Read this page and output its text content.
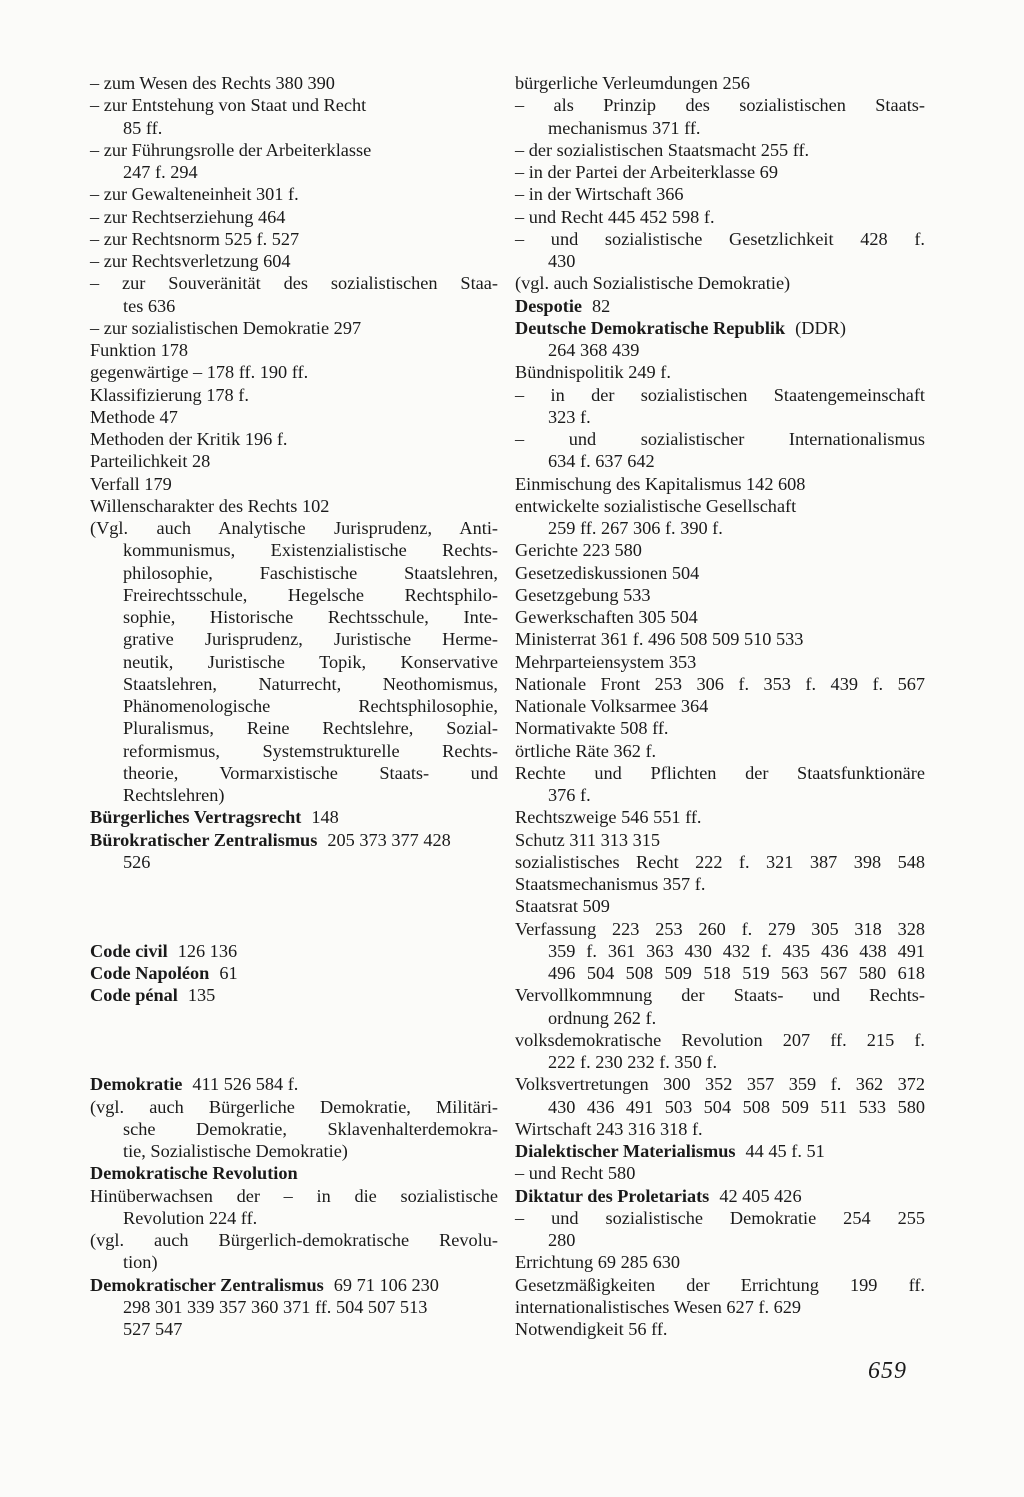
– zum Wesen des Rechts 380 390
– zur Entstehung von Staat und Recht
85 ff.
– zur Führungsrolle der Arbeiterklasse
247 f. 294
– zur Gewalteneinheit 301 f.
– zur Rechtserziehung 464
– zur Rechtsnorm 525 f. 527
– zur Rechtsverletzung 604
– zur Souveränität des sozialistischen Staa-
tes 636
– zur sozialistischen Demokratie 297
Funktion 178
gegenwärtige – 178 ff. 190 ff.
Klassifizierung 178 f.
Methode 47
Methoden der Kritik 196 f.
Parteilichkeit 28
Verfall 179
Willenscharakter des Rechts 102
(Vgl. auch Analytische Jurisprudenz, Anti-
kommunismus, Existenzialistische Rechts-
philosophie, Faschistische Staatslehren,
Freirechtsschule, Hegelsche Rechtsphilo-
sophie, Historische Rechtsschule, Inte-
grative Jurisprudenz, Juristische Herme-
neutik, Juristische Topik, Konservative
Staatslehren, Naturrecht, Neothomismus,
Phänomenologische Rechtsphilosophie,
Pluralismus, Reine Rechtslehre, Sozial-
reformismus, Systemstrukturelle Rechts-
theorie, Vormarxistische Staats- und
Rechtslehren)
Bürgerliches Vertragsrecht 148
Bürokratischer Zentralismus 205 373 377 428
526
Code civil 126 136
Code Napoléon 61
Code pénal 135
Demokratie 411 526 584 f.
(vgl. auch Bürgerliche Demokratie, Militäri-
sche Demokratie, Sklavenhalterdemokra-
tie, Sozialistische Demokratie)
Demokratische Revolution
Hinüberwachsen der – in die sozialistische
Revolution 224 ff.
(vgl. auch Bürgerlich-demokratische Revolu-
tion)
Demokratischer Zentralismus 69 71 106 230
298 301 339 357 360 371 ff. 504 507 513
527 547
bürgerliche Verleumdungen 256
– als Prinzip des sozialistischen Staats-
mechanismus 371 ff.
– der sozialistischen Staatsmacht 255 ff.
– in der Partei der Arbeiterklasse 69
– in der Wirtschaft 366
– und Recht 445 452 598 f.
– und sozialistische Gesetzlichkeit 428 f.
430
(vgl. auch Sozialistische Demokratie)
Despotie 82
Deutsche Demokratische Republik (DDR)
264 368 439
Bündnispolitik 249 f.
– in der sozialistischen Staatengemeinschaft
323 f.
– und sozialistischer Internationalismus
634 f. 637 642
Einmischung des Kapitalismus 142 608
entwickelte sozialistische Gesellschaft
259 ff. 267 306 f. 390 f.
Gerichte 223 580
Gesetzediskussionen 504
Gesetzgebung 533
Gewerkschaften 305 504
Ministerrat 361 f. 496 508 509 510 533
Mehrparteiensystem 353
Nationale Front 253 306 f. 353 f. 439 f. 567
Nationale Volksarmee 364
Normativakte 508 ff.
örtliche Räte 362 f.
Rechte und Pflichten der Staatsfunktionäre
376 f.
Rechtszweige 546 551 ff.
Schutz 311 313 315
sozialistisches Recht 222 f. 321 387 398 548
Staatsmechanismus 357 f.
Staatsrat 509
Verfassung 223 253 260 f. 279 305 318 328
359 f. 361 363 430 432 f. 435 436 438 491
496 504 508 509 518 519 563 567 580 618
Vervollkommnung der Staats- und Rechts-
ordnung 262 f.
volksdemokratische Revolution 207 ff. 215 f.
222 f. 230 232 f. 350 f.
Volksvertretungen 300 352 357 359 f. 362 372
430 436 491 503 504 508 509 511 533 580
Wirtschaft 243 316 318 f.
Dialektischer Materialismus 44 45 f. 51
– und Recht 580
Diktatur des Proletariats 42 405 426
– und sozialistische Demokratie 254 255
280
Errichtung 69 285 630
Gesetzmäßigkeiten der Errichtung 199 ff.
internationalistisches Wesen 627 f. 629
Notwendigkeit 56 ff.
659
